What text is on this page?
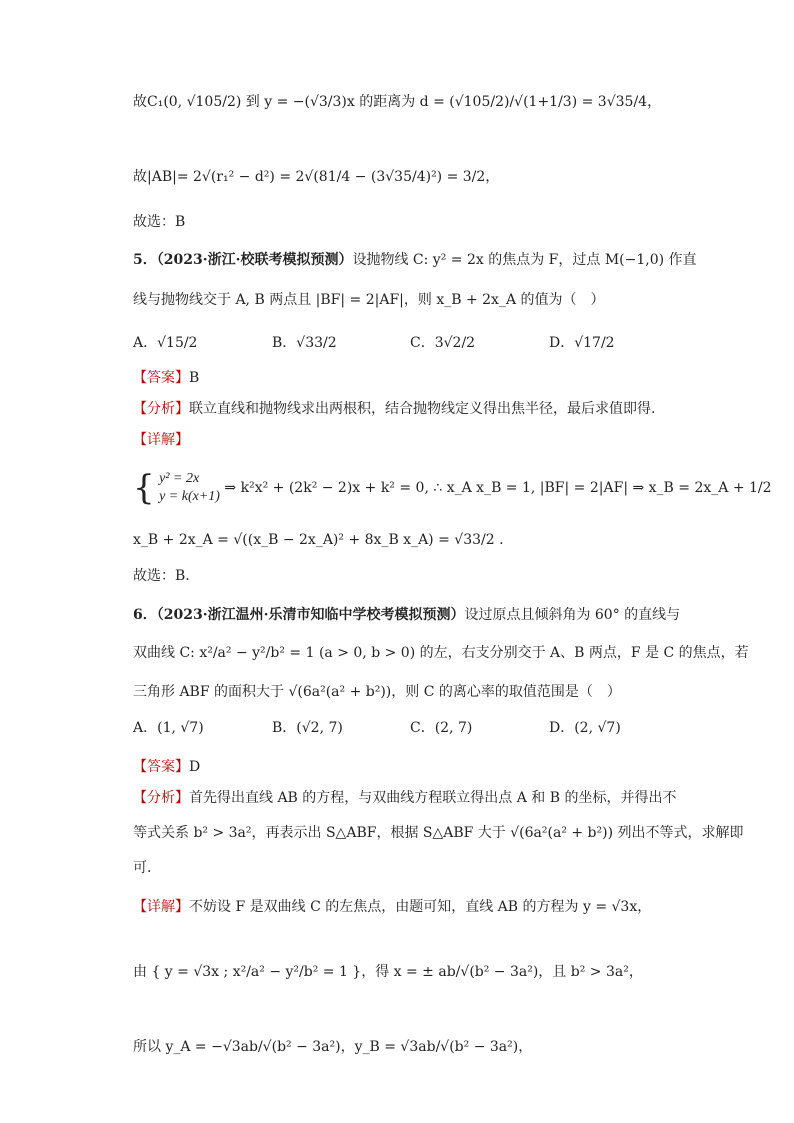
故C₁(0, √105/2) 到 y = −(√3/3)x 的距离为 d = (√105/2)/√(1+1/3) = 3√35/4，
故|AB|= 2√(r₁² − d²) = 2√(81/4 − (3√35/4)²) = 3/2，
故选：B
5．（2023·浙江·校联考模拟预测）设抛物线 C: y² = 2x 的焦点为 F，过点 M(−1,0) 作直
线与抛物线交于 A, B 两点且 |BF| = 2|AF|，则 x_B + 2x_A 的值为（　）
A．√15/2	B．√33/2	C．3√2/2	D．√17/2
【答案】B
【分析】联立直线和抛物线求出两根积，结合抛物线定义得出焦半径，最后求值即得.
【详解】
{ y² = 2x
y = k(x+1)
⇒ k²x² + (2k² − 2)x + k² = 0, ∴ x_A x_B = 1, |BF| = 2|AF| ⇒ x_B = 2x_A + 1/2
x_B + 2x_A = √((x_B − 2x_A)² + 8x_B x_A) = √33/2 .
故选：B.
6．（2023·浙江温州·乐清市知临中学校考模拟预测）设过原点且倾斜角为 60° 的直线与
双曲线 C: x²/a² − y²/b² = 1 (a > 0, b > 0) 的左，右支分别交于 A、B 两点，F 是 C 的焦点，若
三角形 ABF 的面积大于 √(6a²(a² + b²))，则 C 的离心率的取值范围是（　）
A．(1, √7)	B．(√2, 7)	C．(2, 7)	D．(2, √7)
【答案】D
【分析】首先得出直线 AB 的方程，与双曲线方程联立得出点 A 和 B 的坐标，并得出不
等式关系 b² > 3a²，再表示出 S△ABF，根据 S△ABF 大于 √(6a²(a² + b²)) 列出不等式，求解即
可.
【详解】不妨设 F 是双曲线 C 的左焦点，由题可知，直线 AB 的方程为 y = √3x，
由 { y = √3x ; x²/a² − y²/b² = 1 }，得 x = ± ab/√(b² − 3a²)，且 b² > 3a²，
所以 y_A = −√3ab/√(b² − 3a²)，y_B = √3ab/√(b² − 3a²)，
